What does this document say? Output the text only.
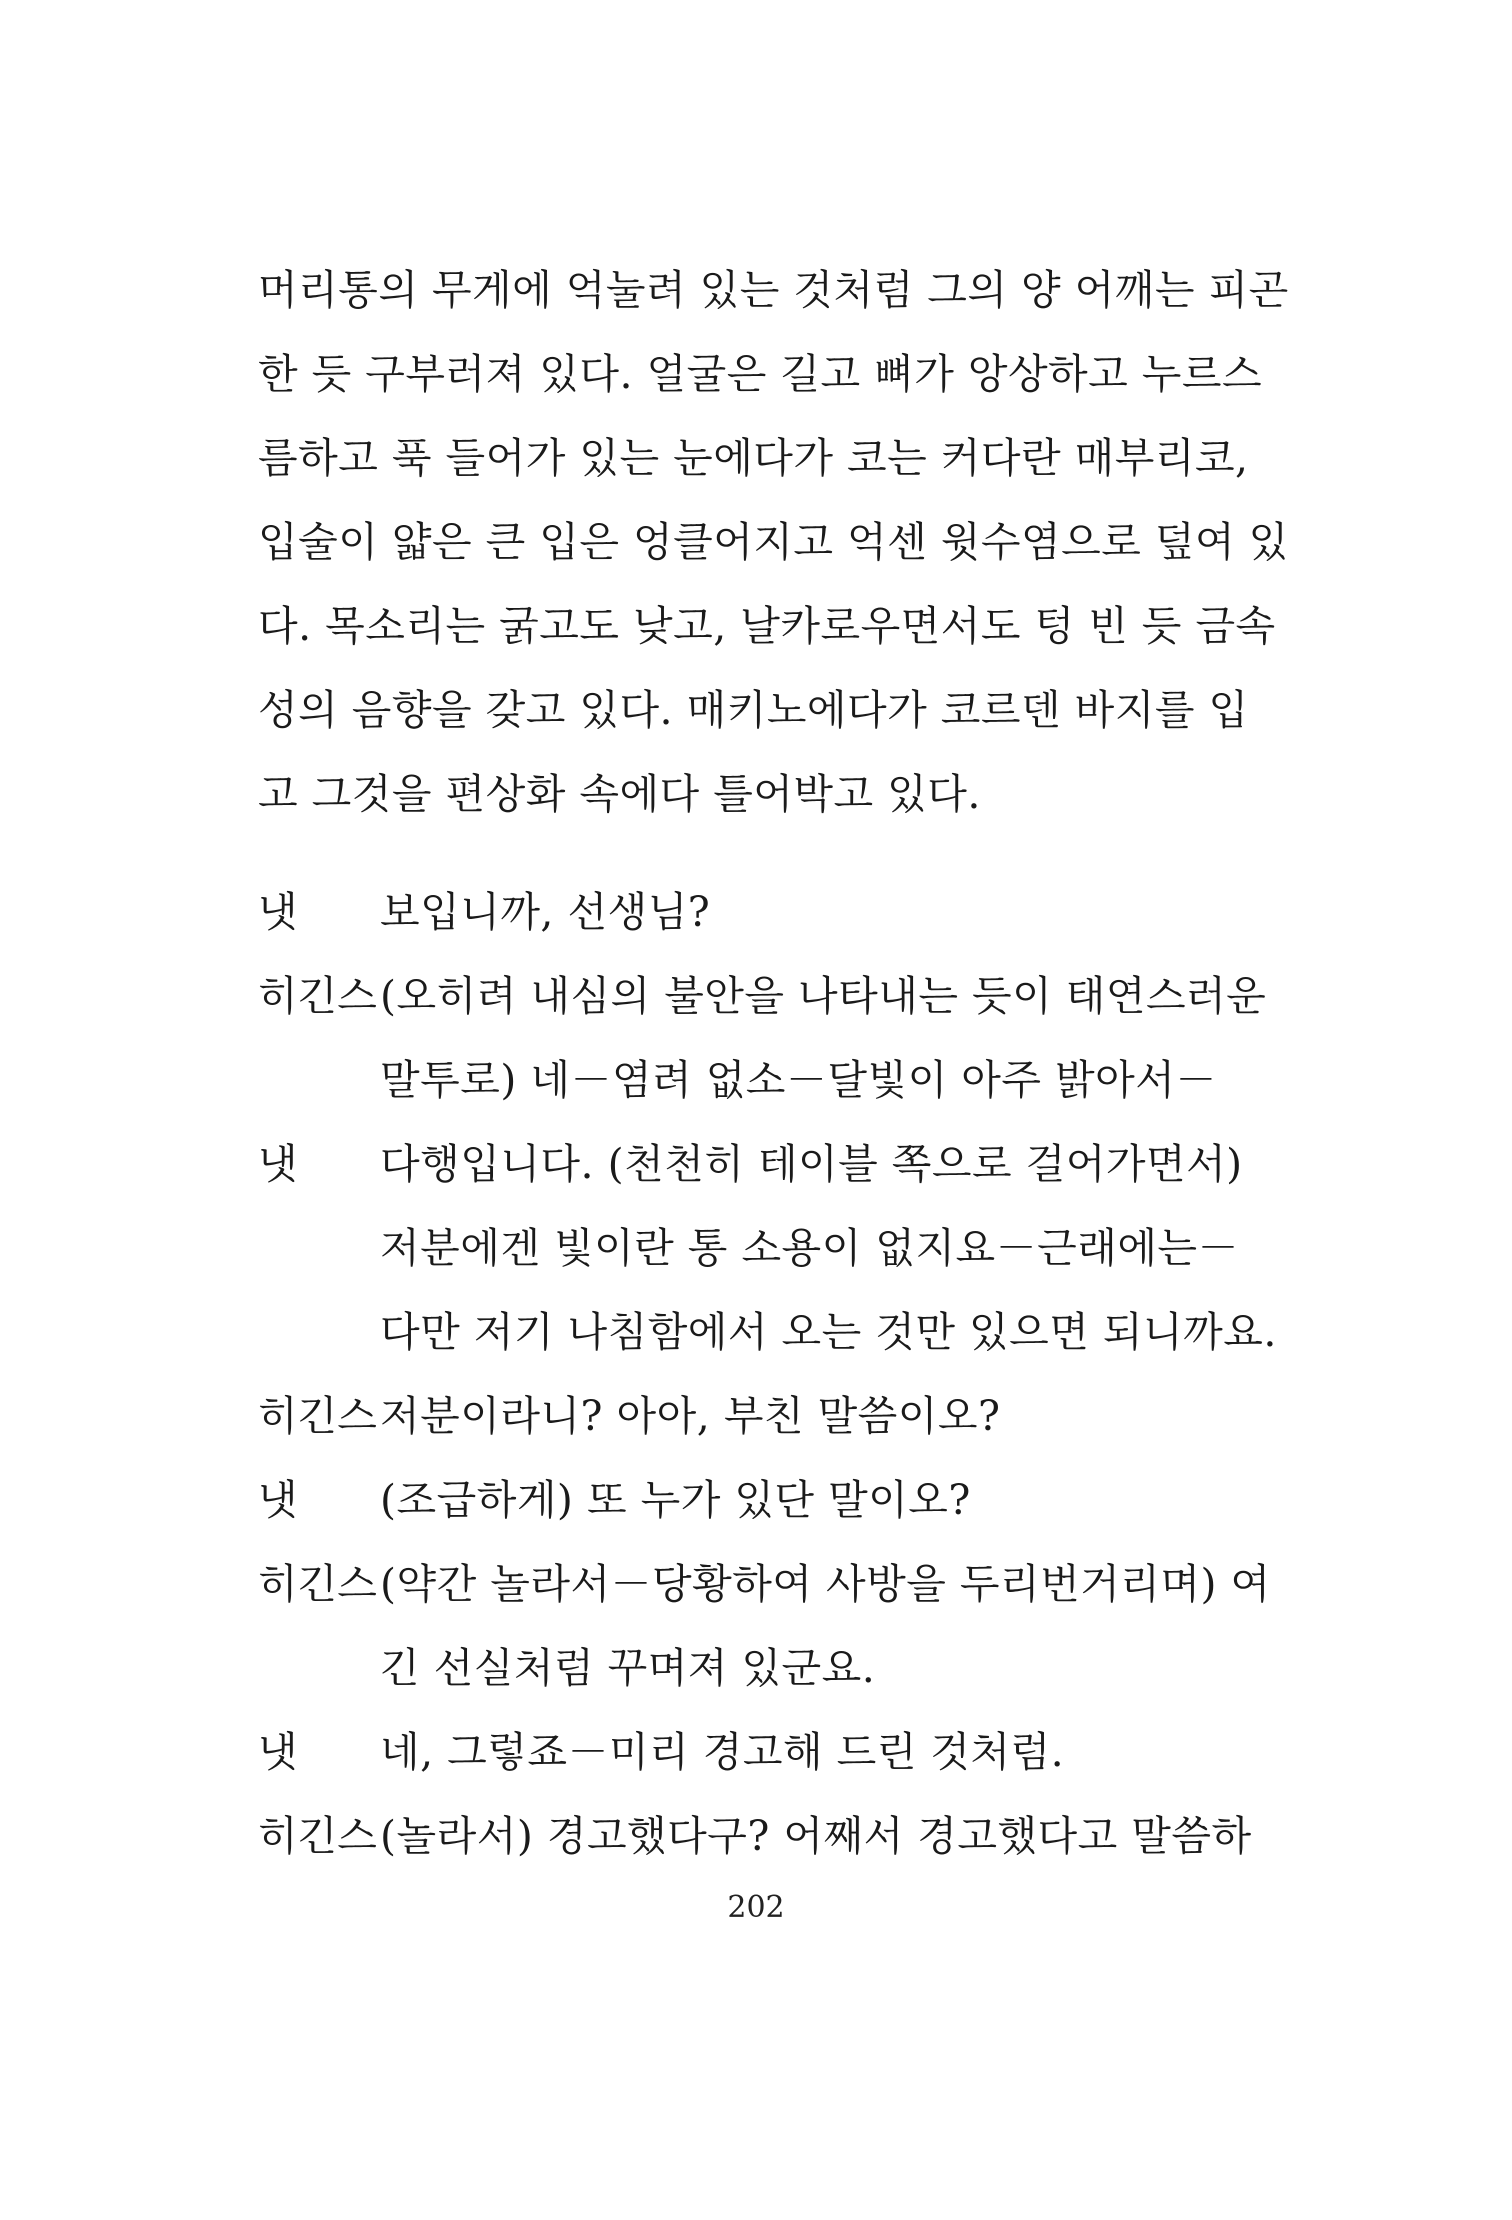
머리통의 무게에 억눌려 있는 것처럼 그의 양 어깨는 피곤
한 듯 구부러져 있다. 얼굴은 길고 뼈가 앙상하고 누르스
름하고 푹 들어가 있는 눈에다가 코는 커다란 매부리코,
입술이 얇은 큰 입은 엉클어지고 억센 윗수염으로 덮여 있
다. 목소리는 굵고도 낮고, 날카로우면서도 텅 빈 듯 금속
성의 음향을 갖고 있다. 매키노에다가 코르덴 바지를 입
고 그것을 편상화 속에다 틀어박고 있다.
냇	보입니까, 선생님?
히긴스 (오히려 내심의 불안을 나타내는 듯이 태연스러운
말투로) 네－염려 없소－달빛이 아주 밝아서－
냇	다행입니다. (천천히 테이블 쪽으로 걸어가면서)
저분에겐 빛이란 통 소용이 없지요－근래에는－
다만 저기 나침함에서 오는 것만 있으면 되니까요.
히긴스 저분이라니? 아아, 부친 말씀이오?
냇	(조급하게) 또 누가 있단 말이오?
히긴스 (약간 놀라서－당황하여 사방을 두리번거리며) 여
긴 선실처럼 꾸며져 있군요.
냇	네, 그렇죠－미리 경고해 드린 것처럼.
히긴스 (놀라서) 경고했다구? 어째서 경고했다고 말씀하
202
